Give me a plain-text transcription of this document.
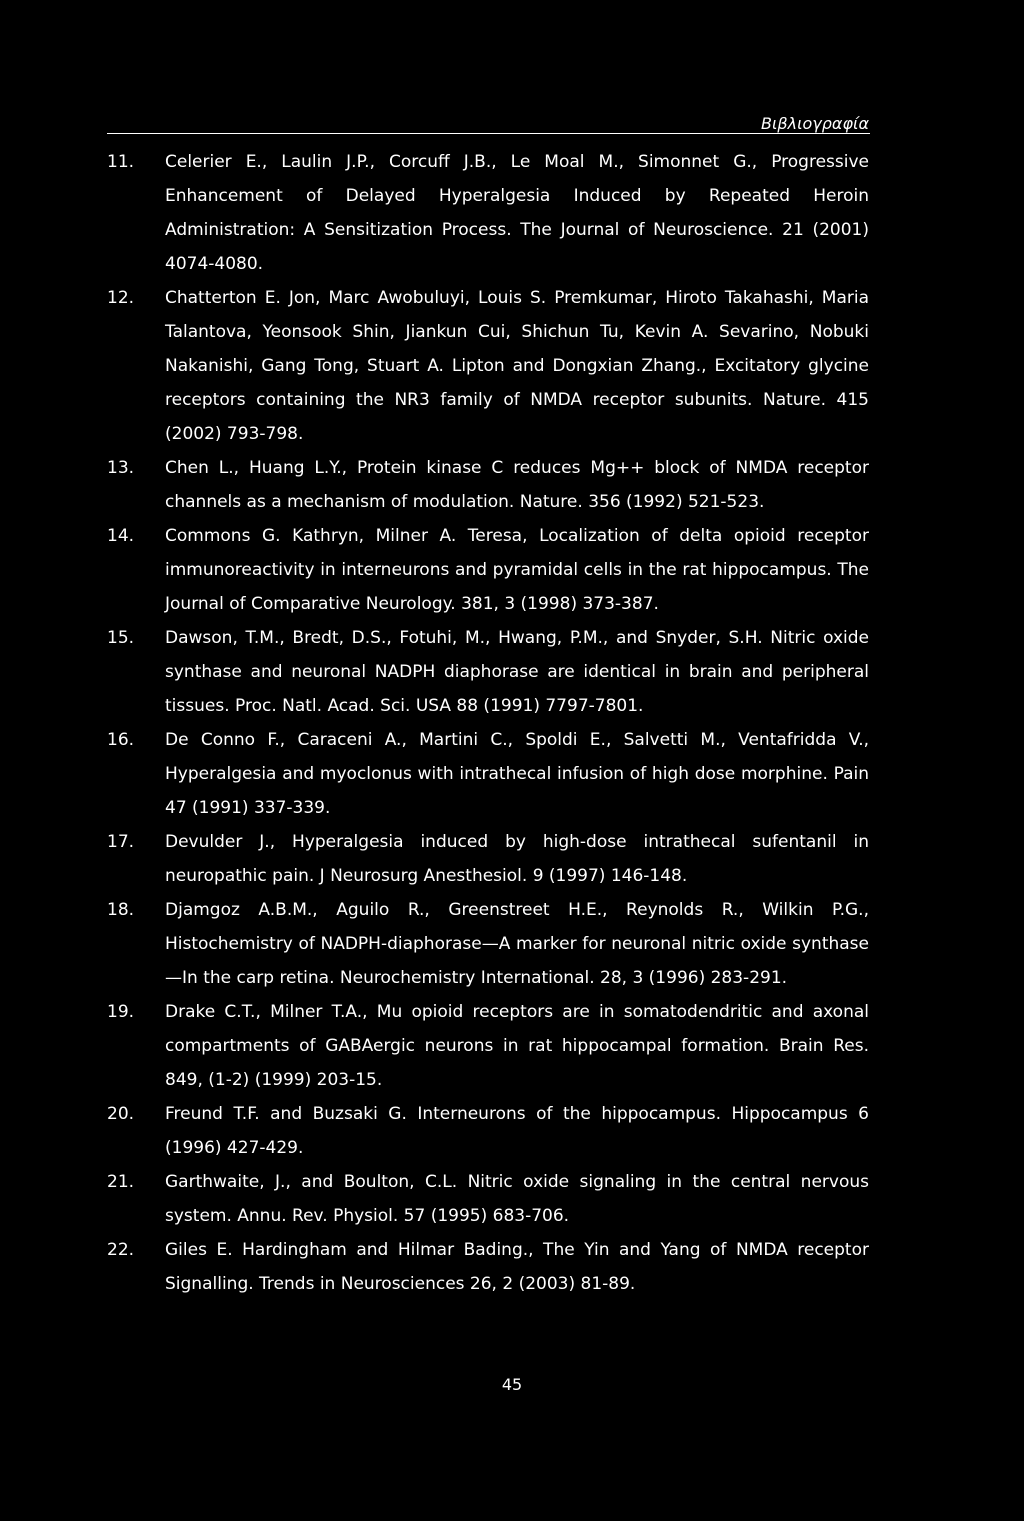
Βιβλιογραφία
11.	Celerier E., Laulin J.P., Corcuff J.B., Le Moal M., Simonnet G., Progressive Enhancement of Delayed Hyperalgesia Induced by Repeated Heroin Administration: A Sensitization Process. The Journal of Neuroscience. 21 (2001) 4074-4080.
12.	Chatterton E. Jon, Marc Awobuluyi, Louis S. Premkumar, Hiroto Takahashi, Maria Talantova, Yeonsook Shin, Jiankun Cui, Shichun Tu, Kevin A. Sevarino, Nobuki Nakanishi, Gang Tong, Stuart A. Lipton and Dongxian Zhang., Excitatory glycine receptors containing the NR3 family of NMDA receptor subunits. Nature. 415 (2002) 793-798.
13.	Chen L., Huang L.Y., Protein kinase C reduces Mg++ block of NMDA receptor channels as a mechanism of modulation. Nature. 356 (1992) 521-523.
14.	Commons G. Kathryn, Milner A. Teresa, Localization of delta opioid receptor immunoreactivity in interneurons and pyramidal cells in the rat hippocampus. The Journal of Comparative Neurology. 381, 3 (1998) 373-387.
15.	Dawson, T.M., Bredt, D.S., Fotuhi, M., Hwang, P.M., and Snyder, S.H. Nitric oxide synthase and neuronal NADPH diaphorase are identical in brain and peripheral tissues. Proc. Natl. Acad. Sci. USA 88 (1991) 7797-7801.
16.	De Conno F., Caraceni A., Martini C., Spoldi E., Salvetti M., Ventafridda V., Hyperalgesia and myoclonus with intrathecal infusion of high dose morphine. Pain 47 (1991) 337-339.
17.	Devulder J., Hyperalgesia induced by high-dose intrathecal sufentanil in neuropathic pain. J Neurosurg Anesthesiol. 9 (1997) 146-148.
18.	Djamgoz A.B.M., Aguilo R., Greenstreet H.E., Reynolds R., Wilkin P.G., Histochemistry of NADPH-diaphorase—A marker for neuronal nitric oxide synthase—In the carp retina. Neurochemistry International. 28, 3 (1996) 283-291.
19.	Drake C.T., Milner T.A., Mu opioid receptors are in somatodendritic and axonal compartments of GABAergic neurons in rat hippocampal formation. Brain Res. 849, (1-2) (1999) 203-15.
20.	Freund T.F. and Buzsaki G. Interneurons of the hippocampus. Hippocampus 6 (1996) 427-429.
21.	Garthwaite, J., and Boulton, C.L. Nitric oxide signaling in the central nervous system. Annu. Rev. Physiol. 57 (1995) 683-706.
22.	Giles E. Hardingham and Hilmar Bading., The Yin and Yang of NMDA receptor Signalling. Trends in Neurosciences 26, 2 (2003) 81-89.
45
